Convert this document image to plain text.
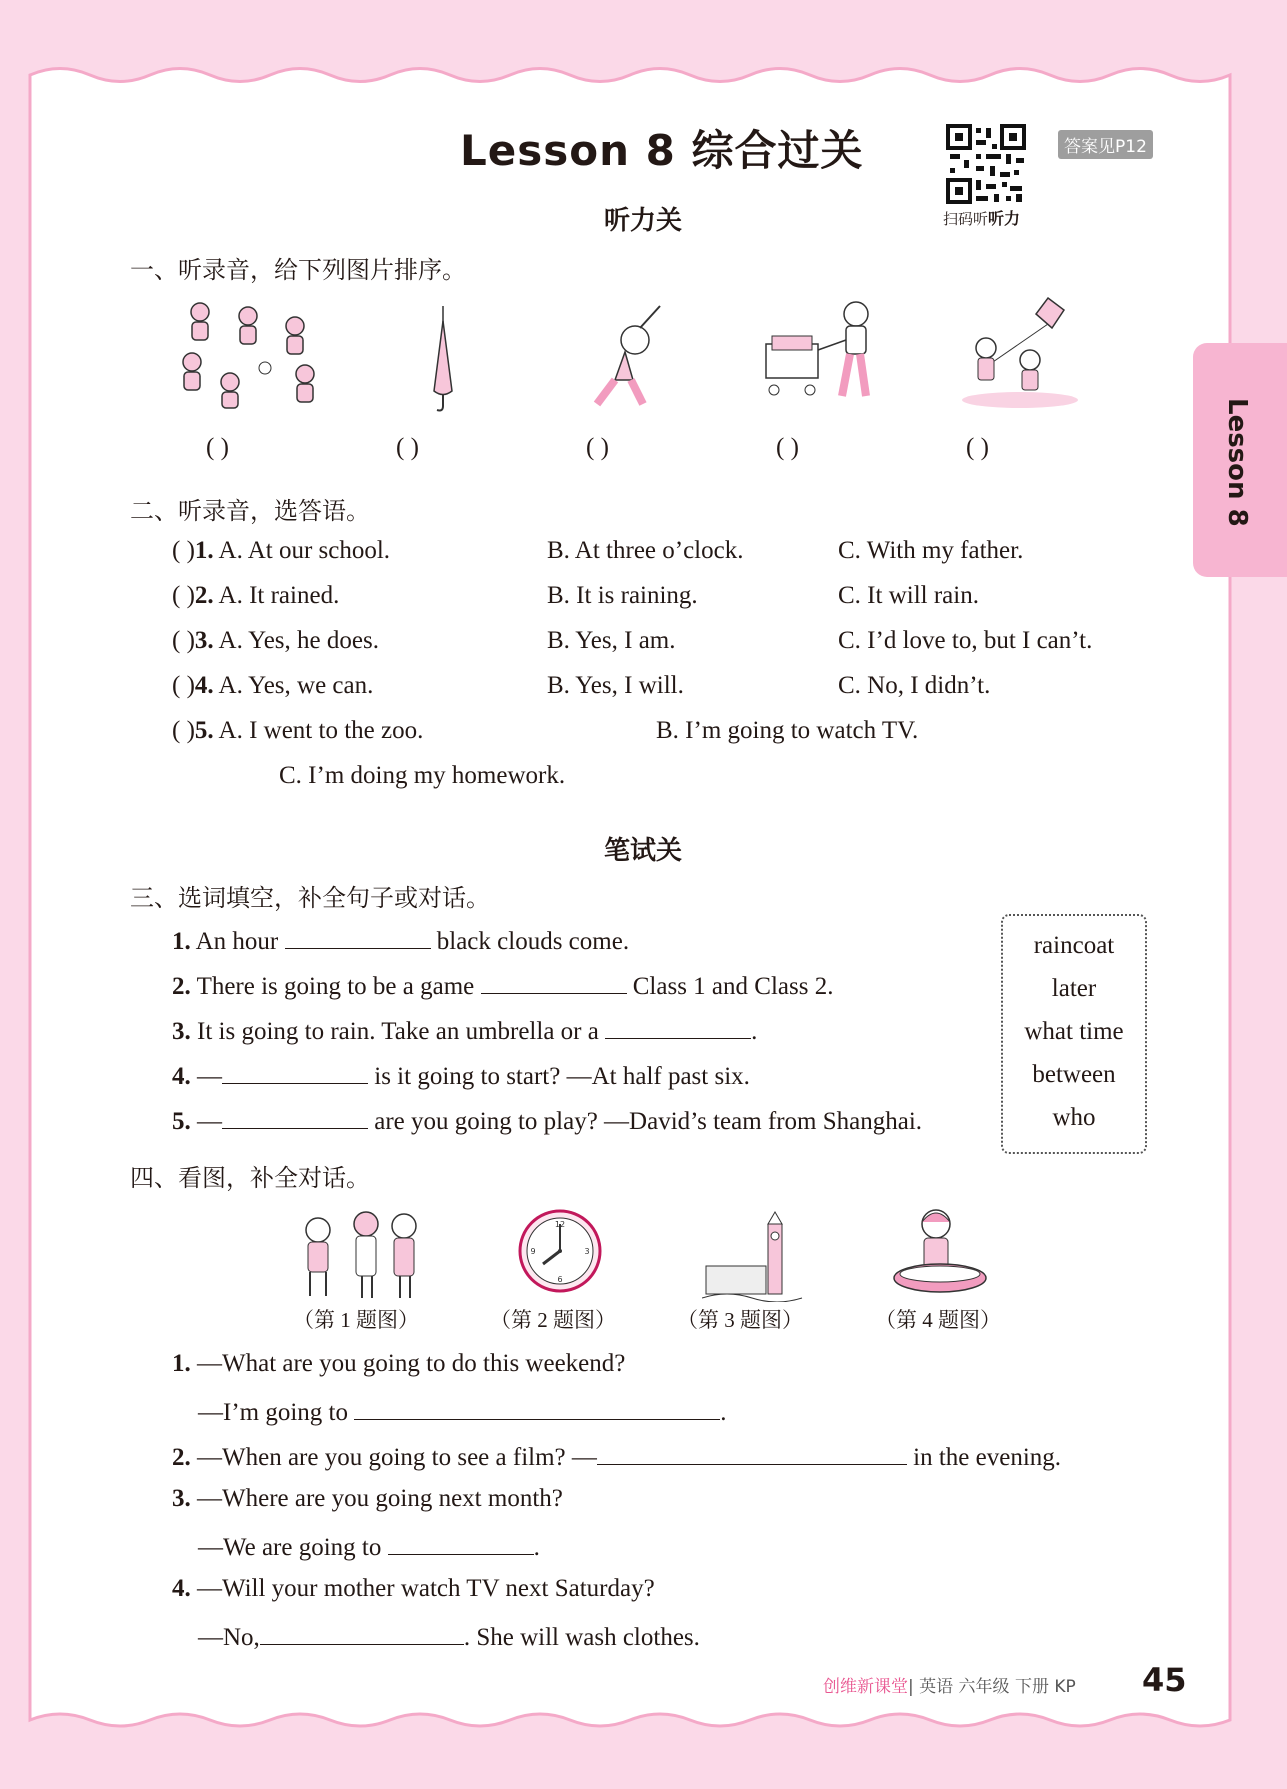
Lesson 8
Lesson 8 综合过关
扫码听听力
答案见P12
听力关
一、听录音，给下列图片排序。
( )	( )	( )	( )	( )
二、听录音，选答语。
( )1. A. At our school.	B. At three o’clock.	C. With my father.
( )2. A. It rained.	B. It is raining.	C. It will rain.
( )3. A. Yes, he does.	B. Yes, I am.	C. I’d love to, but I can’t.
( )4. A. Yes, we can.	B. Yes, I will.	C. No, I didn’t.
( )5. A. I went to the zoo.	B. I’m going to watch TV.
C. I’m doing my homework.
笔试关
三、选词填空，补全句子或对话。
1. An hour	black clouds come.
2. There is going to be a game	Class 1 and Class 2.
3. It is going to rain. Take an umbrella or a	.
4. —	is it going to start? —At half past six.
5. —	are you going to play? —David’s team from Shanghai.
raincoat
later
what time
between
who
四、看图，补全对话。
12
3
6
9
（第 1 题图）	（第 2 题图）	（第 3 题图）	（第 4 题图）
1. —What are you going to do this weekend?
—I’m going to	.
2. —When are you going to see a film? —	in the evening.
3. —Where are you going next month?
—We are going to	.
4. —Will your mother watch TV next Saturday?
—No,	. She will wash clothes.
创维新课堂| 英语 六年级 下册 KP 45
